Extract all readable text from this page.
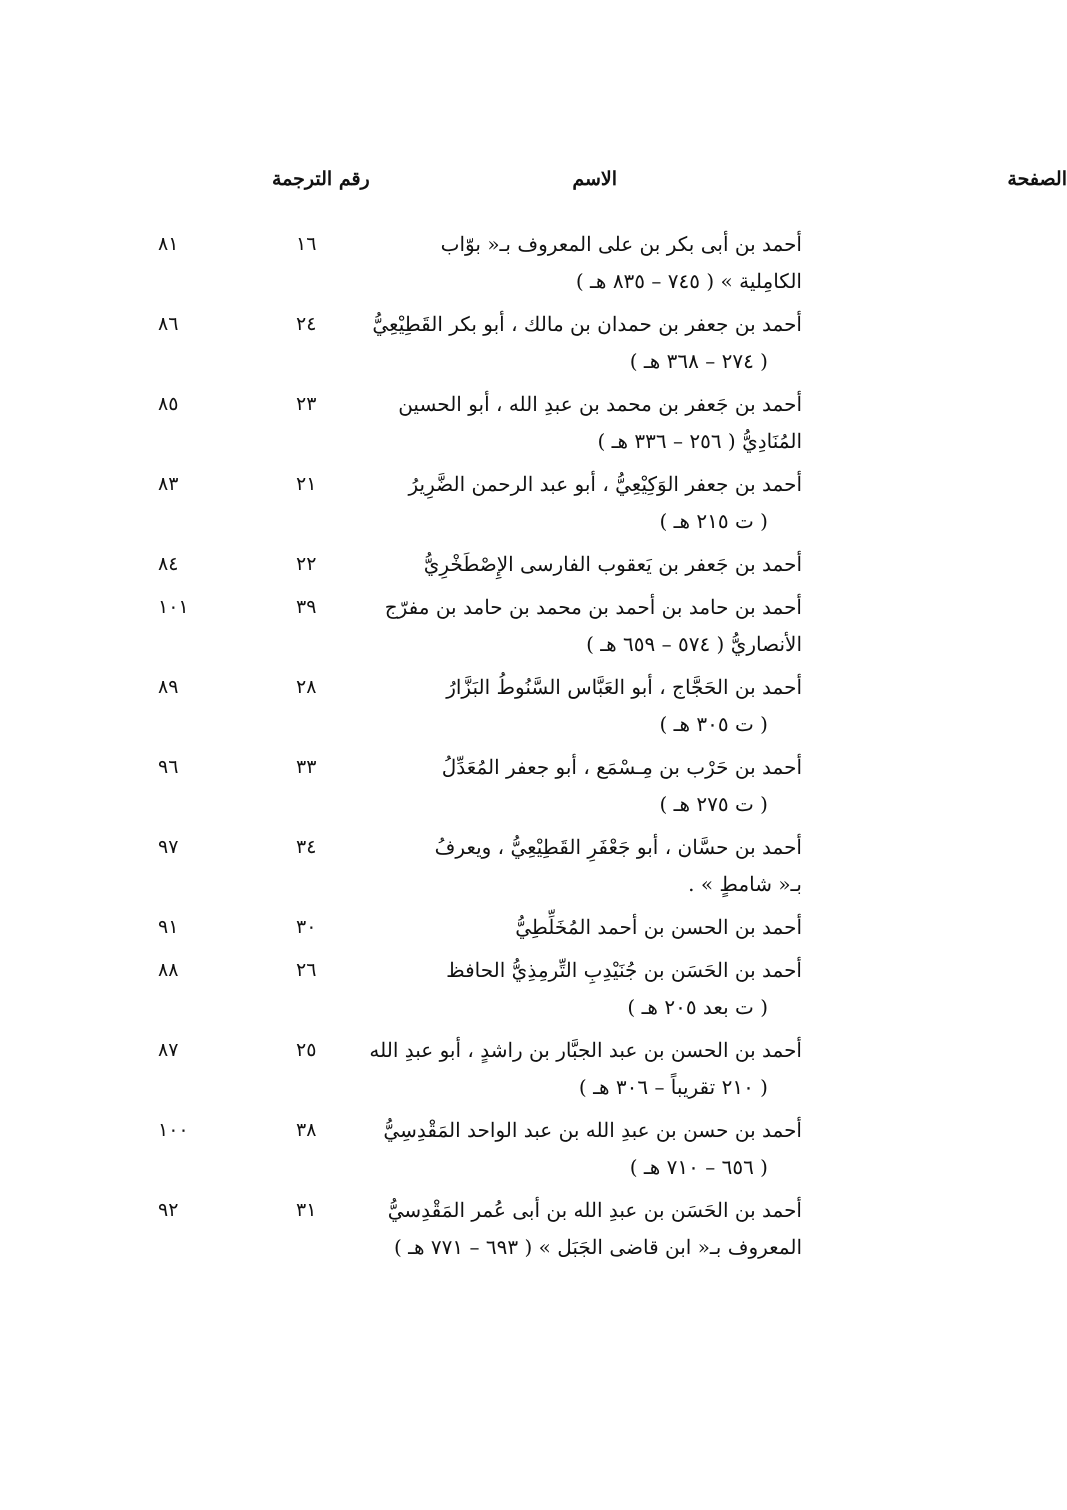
الاسم
رقم الترجمة	الصفحة
أحمد بن أبى بكر بن على المعروف بـ« بوّاب
الكامِلية » ( ٧٤٥ – ٨٣٥ هـ )
١٦
٨١
أحمد بن جعفر بن حمدان بن مالك ، أبو بكر القَطِيْعِيُّ
( ٢٧٤ – ٣٦٨ هـ )
٢٤
٨٦
أحمد بن جَعفر بن محمد بن عبدِ الله ، أبو الحسين
المُنَادِيُّ ( ٢٥٦ – ٣٣٦ هـ )
٢٣
٨٥
أحمد بن جعفر الوَكِيْعِيُّ ، أبو عبد الرحمن الضَّرِيرُ
( ت ٢١٥ هـ )
٢١
٨٣
أحمد بن جَعفر بن يَعقوب الفارسى الإِصْطَخْرِيُّ
٢٢
٨٤
أحمد بن حامد بن أحمد بن محمد بن حامد بن مفرّج
الأنصاريُّ ( ٥٧٤ – ٦٥٩ هـ )
٣٩
١٠١
أحمد بن الحَجَّاج ، أبو العَبَّاس السَّنُوطُ البَزَّارُ
( ت ٣٠٥ هـ )
٢٨
٨٩
أحمد بن حَرْب بن مِـسْمَع ، أبو جعفر المُعَدِّلُ
( ت ٢٧٥ هـ )
٣٣
٩٦
أحمد بن حسَّان ، أبو جَعْفَرِ القَطِيْعِيُّ ، ويعرفُ
بـ« شامطٍ » .
٣٤
٩٧
أحمد بن الحسن بن أحمد المُخَلِّطِيُّ
٣٠
٩١
أحمد بن الحَسَن بن جُنَيْدِبِ التِّرمِذِيُّ الحافظ
( ت بعد ٢٠٥ هـ )
٢٦
٨٨
أحمد بن الحسن بن عبد الجبَّار بن راشدٍ ، أبو عبدِ الله
( ٢١٠ تقريباً – ٣٠٦ هـ )
٢٥
٨٧
أحمد بن حسن بن عبدِ الله بن عبد الواحد المَقْدِسِيُّ
( ٦٥٦ – ٧١٠ هـ )
٣٨
١٠٠
أحمد بن الحَسَن بن عبدِ الله بن أبى عُمر المَقْدِسيُّ
المعروف بـ« ابن قاضى الجَبَل » ( ٦٩٣ – ٧٧١ هـ )
٣١
٩٢
